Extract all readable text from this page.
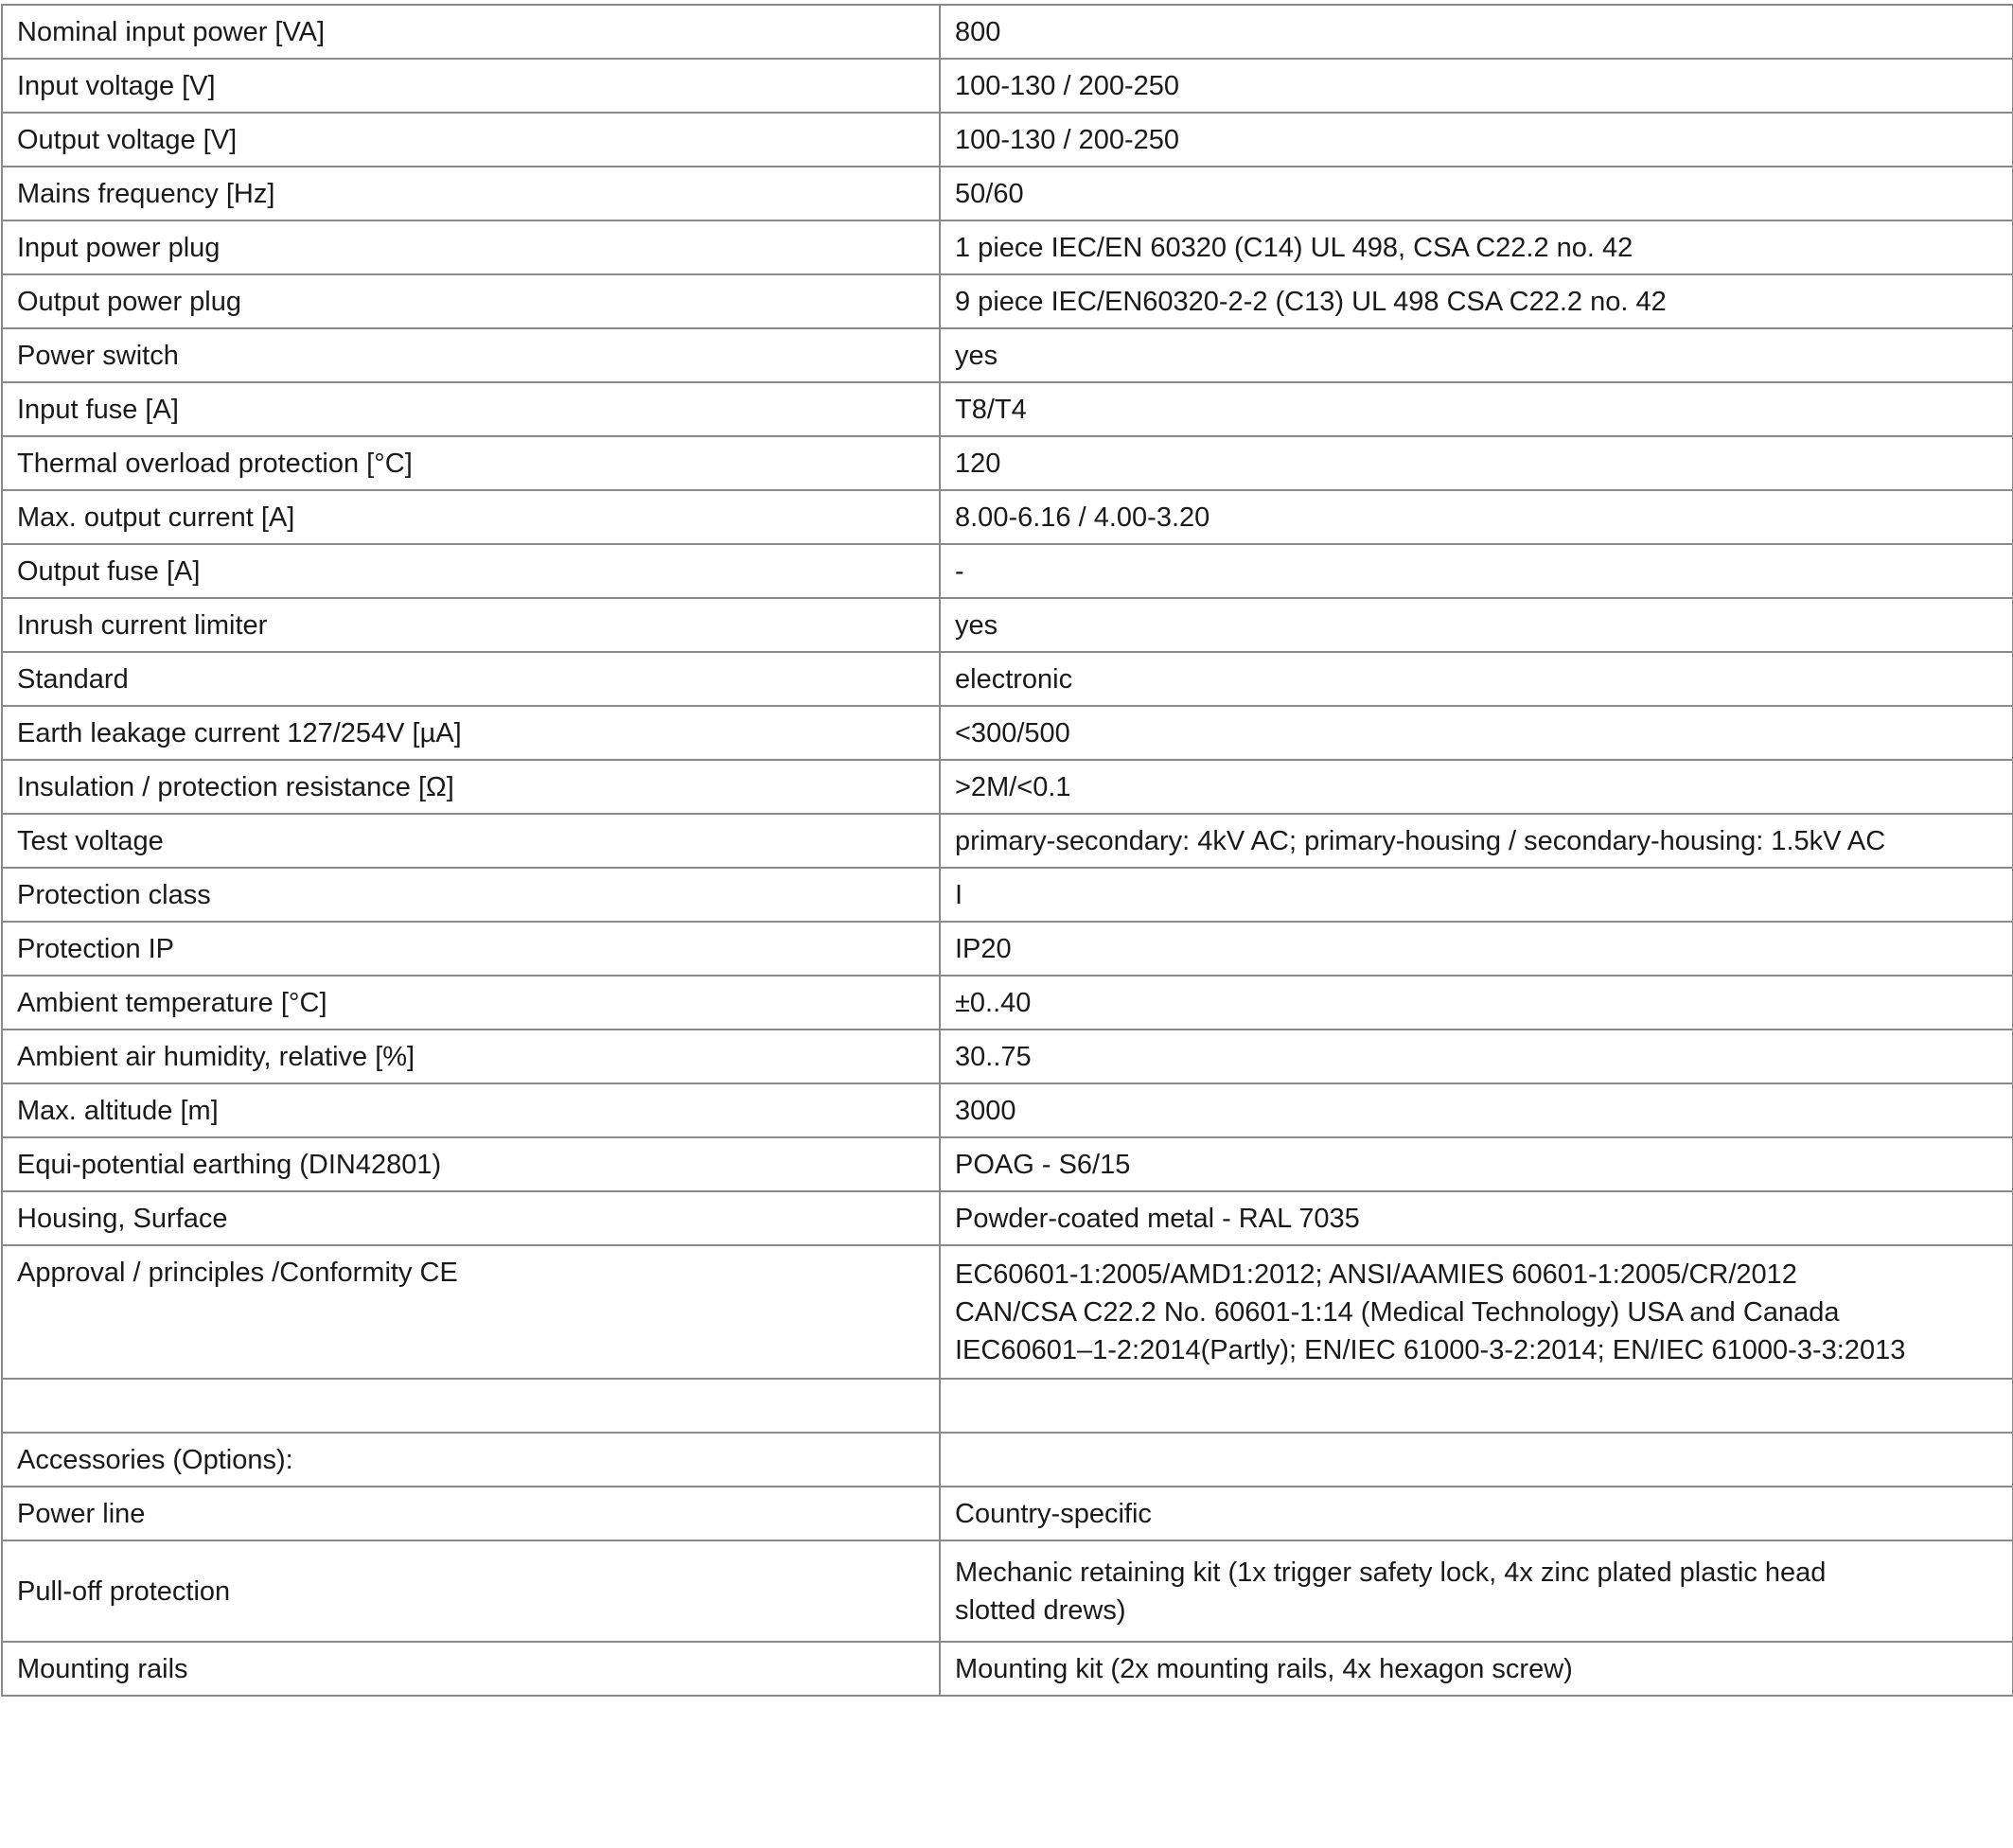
Nominal input power [VA]	800
Input voltage [V]	100-130 / 200-250
Output voltage [V]	100-130 / 200-250
Mains frequency [Hz]	50/60
Input power plug	1 piece IEC/EN 60320 (C14) UL 498, CSA C22.2 no. 42
Output power plug	9 piece IEC/EN60320-2-2 (C13) UL 498 CSA C22.2 no. 42
Power switch	yes
Input fuse [A]	T8/T4
Thermal overload protection [°C]	120
Max. output current [A]	8.00-6.16 / 4.00-3.20
Output fuse [A]	-
Inrush current limiter	yes
Standard	electronic
Earth leakage current 127/254V [µA]	<300/500
Insulation / protection resistance [Ω]	>2M/<0.1
Test voltage	primary-secondary: 4kV AC; primary-housing / secondary-housing: 1.5kV AC
Protection class	I
Protection IP	IP20
Ambient temperature [°C]	±0..40
Ambient air humidity, relative [%]	30..75
Max. altitude [m]	3000
Equi-potential earthing (DIN42801)	POAG - S6/15
Housing, Surface	Powder-coated metal - RAL 7035
Approval / principles /Conformity CE	EC60601-1:2005/AMD1:2012; ANSI/AAMIES 60601-1:2005/CR/2012
CAN/CSA C22.2 No. 60601-1:14 (Medical Technology) USA and Canada
IEC60601–1-2:2014(Partly); EN/IEC 61000-3-2:2014; EN/IEC 61000-3-3:2013

Accessories (Options):	
Power line	Country-specific
Pull-off protection	Mechanic retaining kit (1x trigger safety lock, 4x zinc plated plastic head
slotted drews)

Mounting rails	Mounting kit (2x mounting rails, 4x hexagon screw)
